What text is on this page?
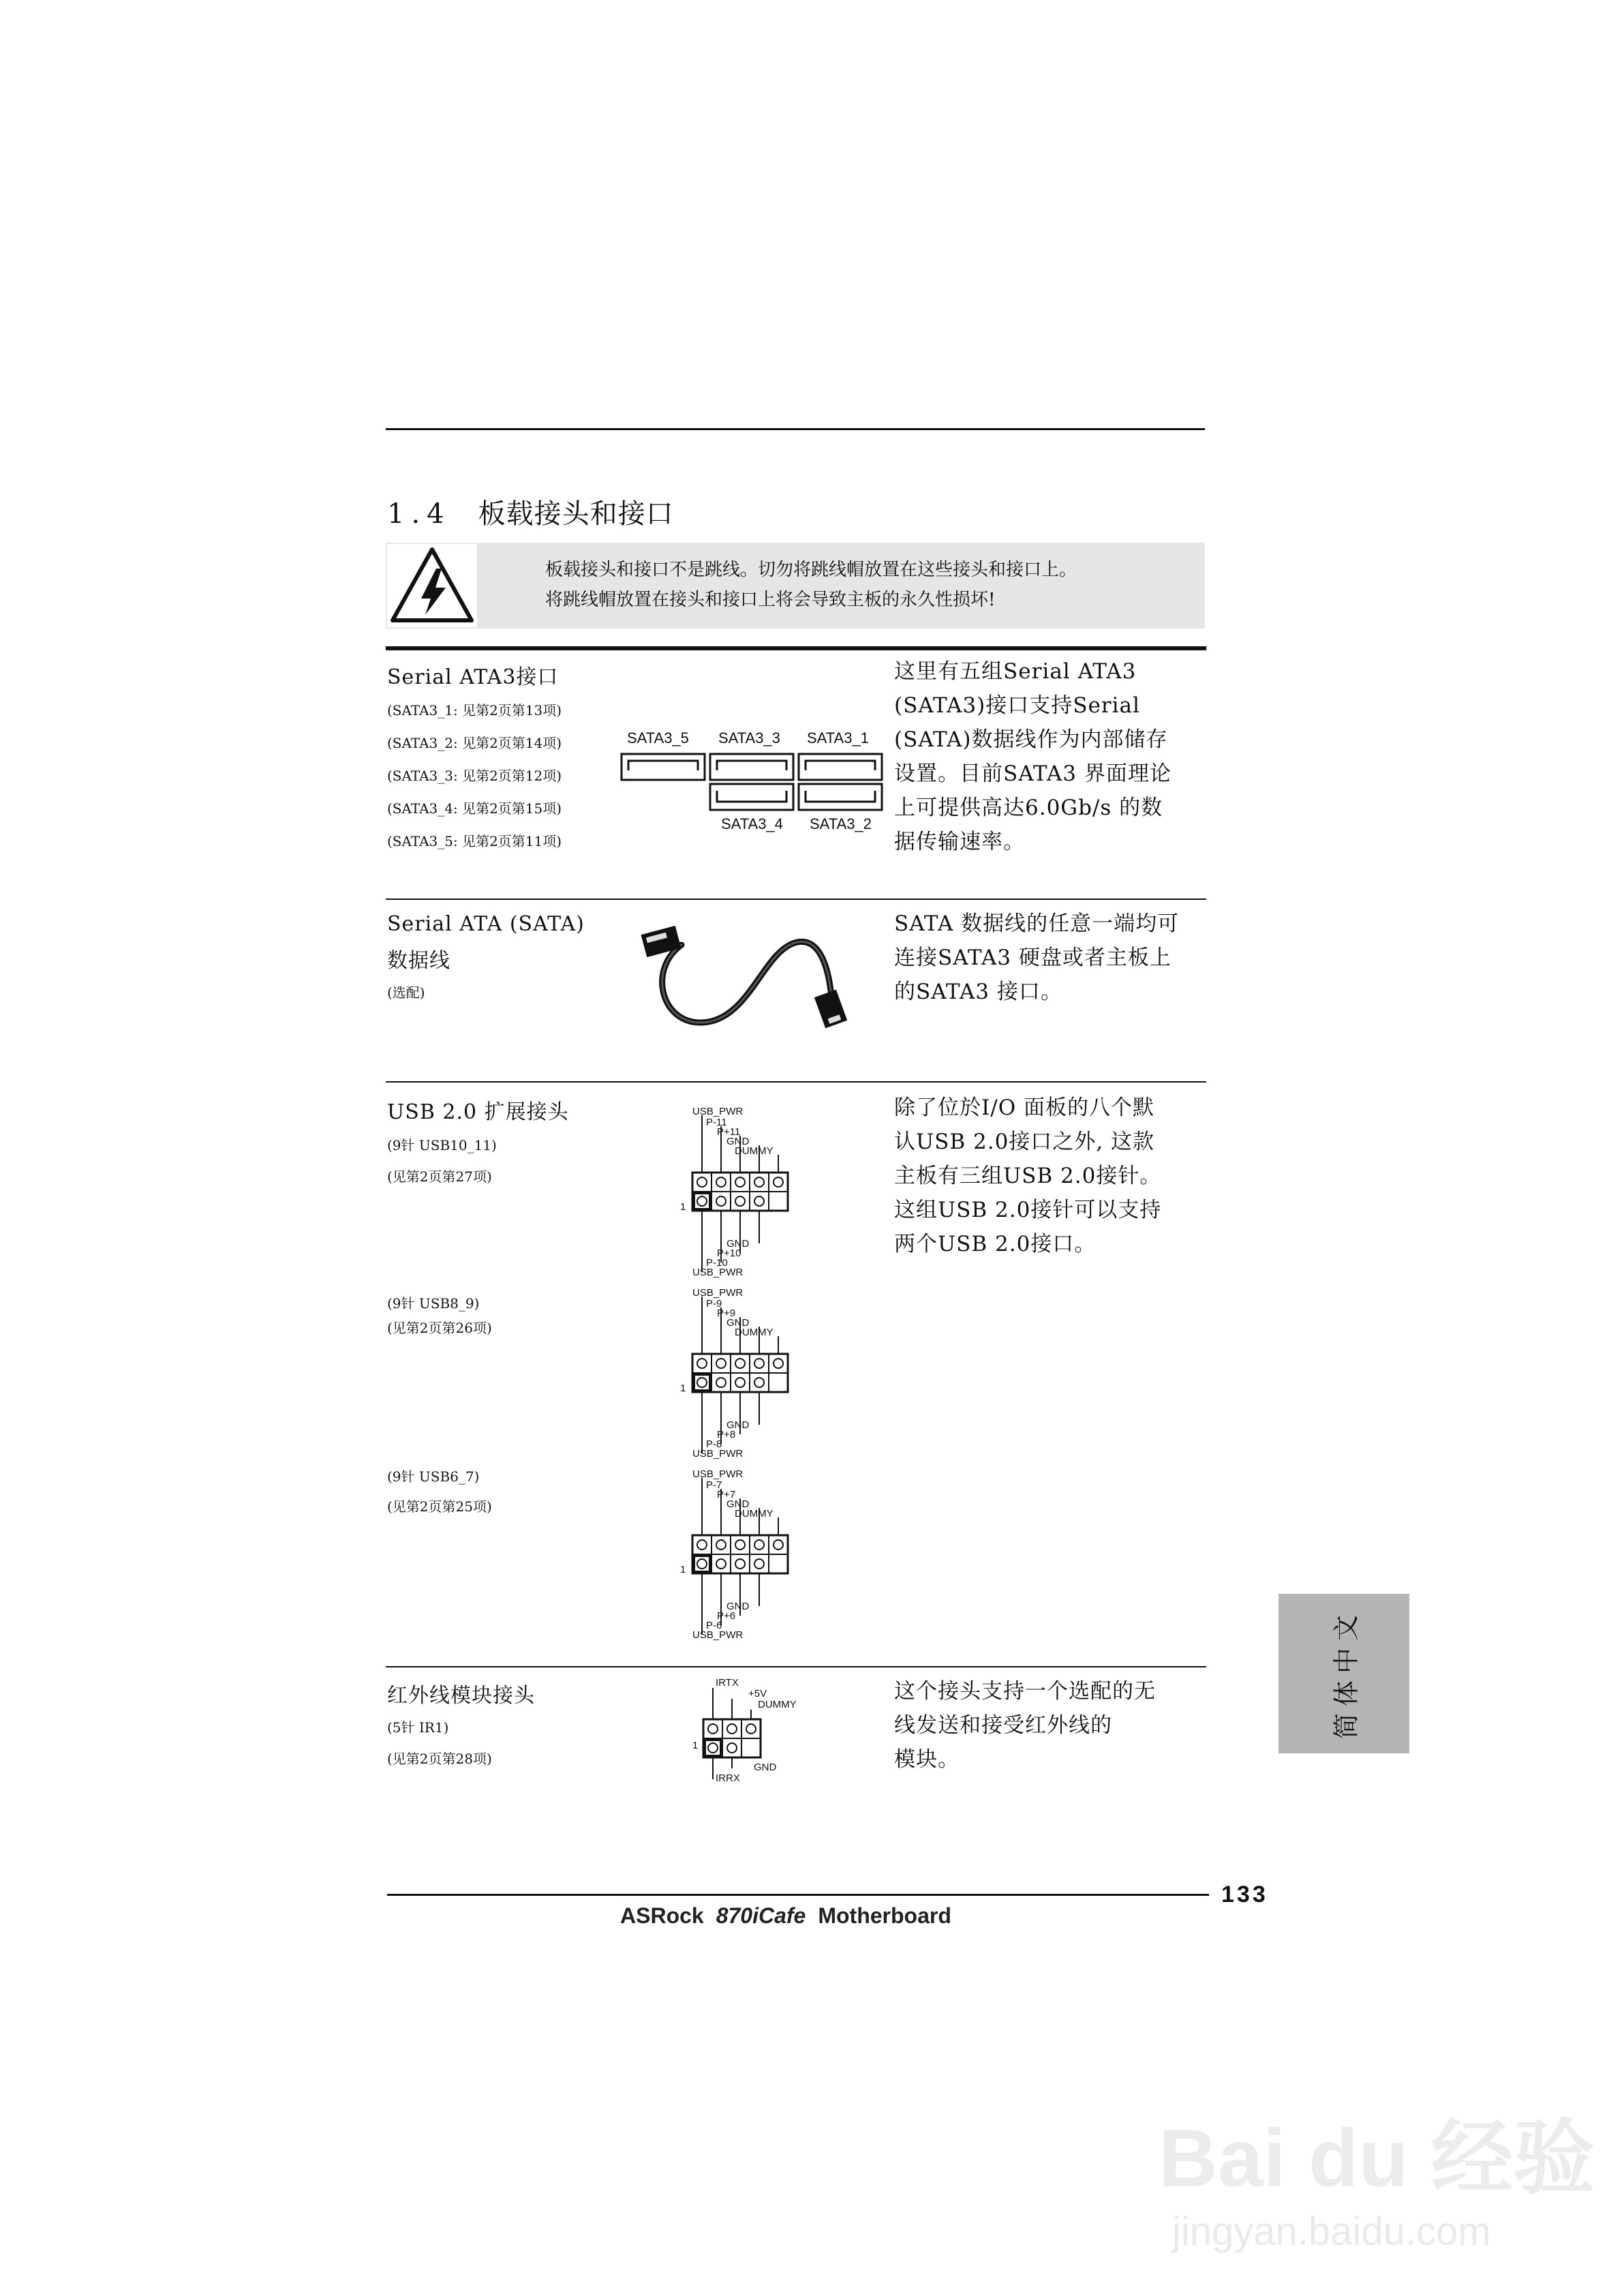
1.4 板载接头和接口
板载接头和接口不是跳线。切勿将跳线帽放置在这些接头和接口上。
将跳线帽放置在接头和接口上将会导致主板的永久性损坏!
Serial ATA3接口
(SATA3_1: 见第2页第13项)
(SATA3_2: 见第2页第14项)
(SATA3_3: 见第2页第12项)
(SATA3_4: 见第2页第15项)
(SATA3_5: 见第2页第11项)
SATA3_5 SATA3_3 SATA3_1
SATA3_4 SATA3_2
这里有五组Serial ATA3
(SATA3)接口支持Serial
(SATA)数据线作为内部储存
设置。目前SATA3 界面理论
上可提供高达6.0Gb/s 的数
据传输速率。
Serial ATA (SATA)
数据线
(选配)
SATA 数据线的任意一端均可
连接SATA3 硬盘或者主板上
的SATA3 接口。
USB 2.0 扩展接头
(9针 USB10_11)
(见第2页第27项)
(9针 USB8_9)
(见第2页第26项)
(9针 USB6_7)
(见第2页第25项)
除了位於I/O 面板的八个默
认USB 2.0接口之外, 这款
主板有三组USB 2.0接针。
这组USB 2.0接针可以支持
两个USB 2.0接口。
USB_PWR
P-11
P+11
GND
DUMMY
1
GND
P+10
P-10
USB_PWR
USB_PWR
P-9
P+9
GND
DUMMY
1
GND
P+8
P-8
USB_PWR
USB_PWR
P-7
P+7
GND
DUMMY
1
GND
P+6
P-6
USB_PWR
红外线模块接头
(5针 IR1)
(见第2页第28项)
IRTX
+5V
DUMMY
1
GND
IRRX
这个接头支持一个选配的无
线发送和接受红外线的
模块。
简体中文
133
ASRock 870iCafe Motherboard
Bai du 经验
jingyan.baidu.com
